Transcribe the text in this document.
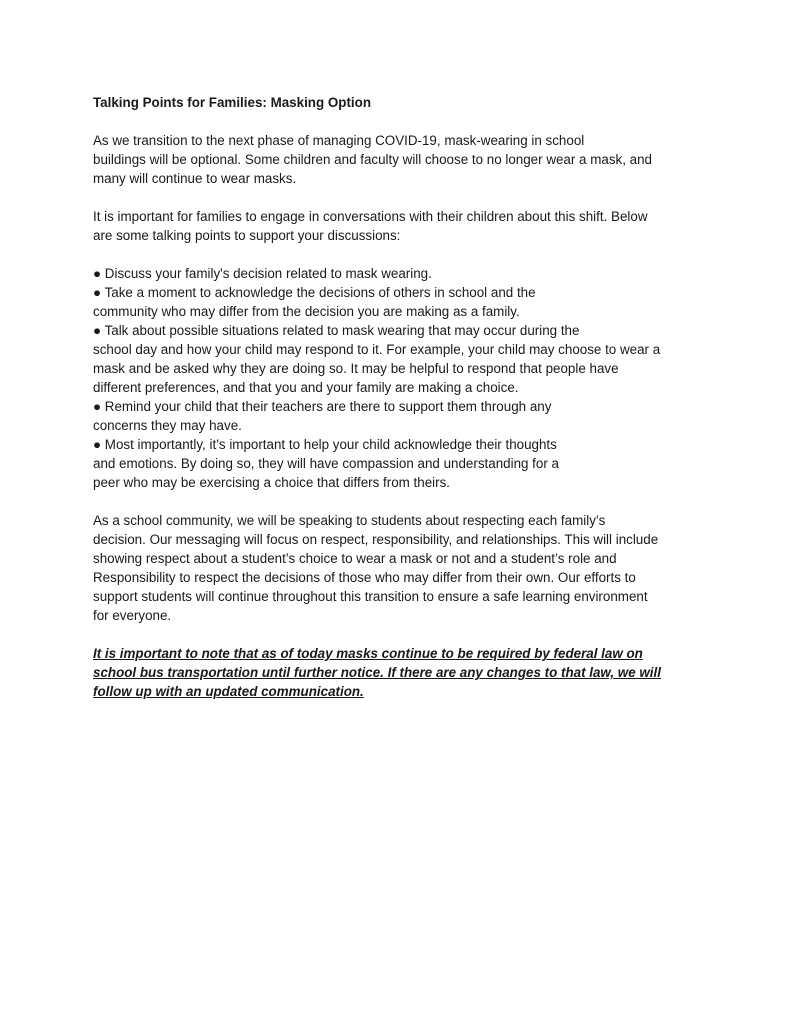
Talking Points for Families: Masking Option

As we transition to the next phase of managing COVID-19, mask-wearing in school
buildings will be optional. Some children and faculty will choose to no longer wear a mask, and
many will continue to wear masks.
It is important for families to engage in conversations with their children about this shift. Below
are some talking points to support your discussions:
● Discuss your family's decision related to mask wearing.
● Take a moment to acknowledge the decisions of others in school and the
community who may differ from the decision you are making as a family.
● Talk about possible situations related to mask wearing that may occur during the
school day and how your child may respond to it. For example, your child may choose to wear a
mask and be asked why they are doing so. It may be helpful to respond that people have
different preferences, and that you and your family are making a choice.
● Remind your child that their teachers are there to support them through any
concerns they may have.
● Most importantly, it’s important to help your child acknowledge their thoughts
and emotions. By doing so, they will have compassion and understanding for a
peer who may be exercising a choice that differs from theirs.
As a school community, we will be speaking to students about respecting each family’s
decision. Our messaging will focus on respect, responsibility, and relationships. This will include
showing respect about a student’s choice to wear a mask or not and a student’s role and
Responsibility to respect the decisions of those who may differ from their own. Our efforts to
support students will continue throughout this transition to ensure a safe learning environment
for everyone.
It is important to note that as of today masks continue to be required by federal law on
school bus transportation until further notice. If there are any changes to that law, we will
follow up with an updated communication.
